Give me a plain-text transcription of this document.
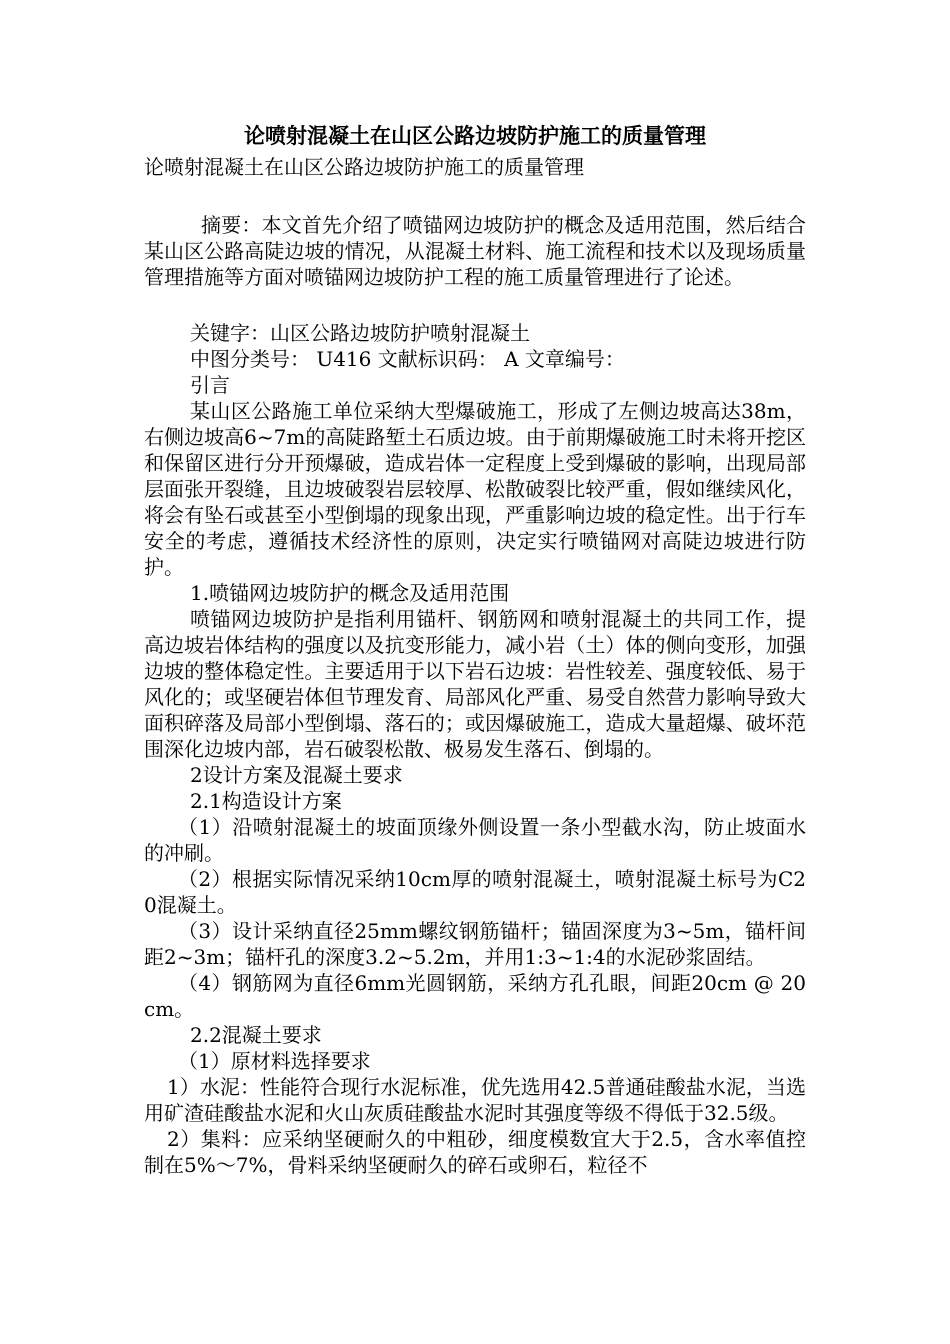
论喷射混凝土在山区公路边坡防护施工的质量管理
论喷射混凝土在山区公路边坡防护施工的质量管理

摘要：本文首先介绍了喷锚网边坡防护的概念及适用范围，然后结合某山区公路高陡边坡的情况，从混凝土材料、施工流程和技术以及现场质量管理措施等方面对喷锚网边坡防护工程的施工质量管理进行了论述。

关键字：山区公路边坡防护喷射混凝土

中图分类号： U416 文献标识码： A 文章编号：

引言

某山区公路施工单位采纳大型爆破施工，形成了左侧边坡高达38m，右侧边坡高6~7m的高陡路堑土石质边坡。由于前期爆破施工时未将开挖区和保留区进行分开预爆破，造成岩体一定程度上受到爆破的影响，出现局部层面张开裂缝，且边坡破裂岩层较厚、松散破裂比较严重，假如继续风化，将会有坠石或甚至小型倒塌的现象出现，严重影响边坡的稳定性。出于行车安全的考虑，遵循技术经济性的原则，决定实行喷锚网对高陡边坡进行防护。

1.喷锚网边坡防护的概念及适用范围

喷锚网边坡防护是指利用锚杆、钢筋网和喷射混凝土的共同工作，提高边坡岩体结构的强度以及抗变形能力，减小岩（土）体的侧向变形，加强边坡的整体稳定性。主要适用于以下岩石边坡：岩性较差、强度较低、易于风化的；或坚硬岩体但节理发育、局部风化严重、易受自然营力影响导致大面积碎落及局部小型倒塌、落石的；或因爆破施工，造成大量超爆、破坏范围深化边坡内部，岩石破裂松散、极易发生落石、倒塌的。

2设计方案及混凝土要求

2.1构造设计方案

（1）沿喷射混凝土的坡面顶缘外侧设置一条小型截水沟，防止坡面水的冲刷。

（2）根据实际情况采纳10cm厚的喷射混凝土，喷射混凝土标号为C20混凝土。

（3）设计采纳直径25mm螺纹钢筋锚杆；锚固深度为3~5m，锚杆间距2~3m；锚杆孔的深度3.2~5.2m，并用1:3~1:4的水泥砂浆固结。

（4）钢筋网为直径6mm光圆钢筋，采纳方孔孔眼，间距20cm @ 20cm。

2.2混凝土要求

（1）原材料选择要求

1）水泥：性能符合现行水泥标准，优先选用42.5普通硅酸盐水泥，当选用矿渣硅酸盐水泥和火山灰质硅酸盐水泥时其强度等级不得低于32.5级。

2）集料：应采纳坚硬耐久的中粗砂，细度模数宜大于2.5，含水率值控制在5%～7%，骨料采纳坚硬耐久的碎石或卵石，粒径不
